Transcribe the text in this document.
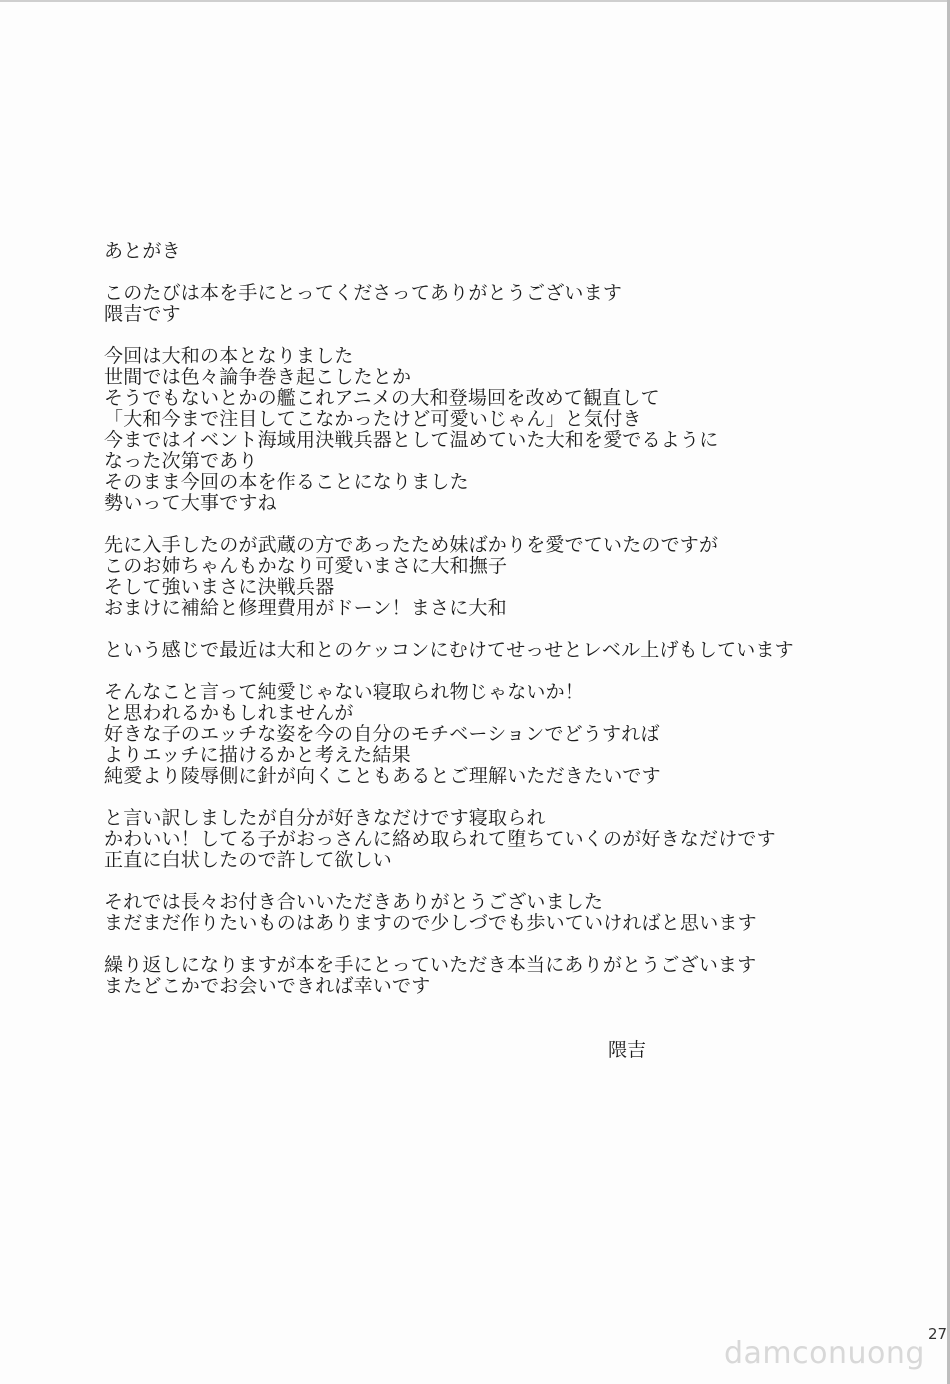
あとがき
このたびは本を手にとってくださってありがとうございます
隈吉です
今回は大和の本となりました
世間では色々論争巻き起こしたとか
そうでもないとかの艦これアニメの大和登場回を改めて観直して
「大和今まで注目してこなかったけど可愛いじゃん」と気付き
今まではイベント海域用決戦兵器として温めていた大和を愛でるように
なった次第であり
そのまま今回の本を作ることになりました
勢いって大事ですね
先に入手したのが武蔵の方であったため妹ばかりを愛でていたのですが
このお姉ちゃんもかなり可愛いまさに大和撫子
そして強いまさに決戦兵器
おまけに補給と修理費用がドーン！まさに大和
という感じで最近は大和とのケッコンにむけてせっせとレベル上げもしています
そんなこと言って純愛じゃない寝取られ物じゃないか！
と思われるかもしれませんが
好きな子のエッチな姿を今の自分のモチベーションでどうすれば
よりエッチに描けるかと考えた結果
純愛より陵辱側に針が向くこともあるとご理解いただきたいです
と言い訳しましたが自分が好きなだけです寝取られ
かわいい！してる子がおっさんに絡め取られて堕ちていくのが好きなだけです
正直に白状したので許して欲しい
それでは長々お付き合いいただきありがとうございました
まだまだ作りたいものはありますので少しづでも歩いていければと思います
繰り返しになりますが本を手にとっていただき本当にありがとうございます
またどこかでお会いできれば幸いです
隈吉
27
damconuong
